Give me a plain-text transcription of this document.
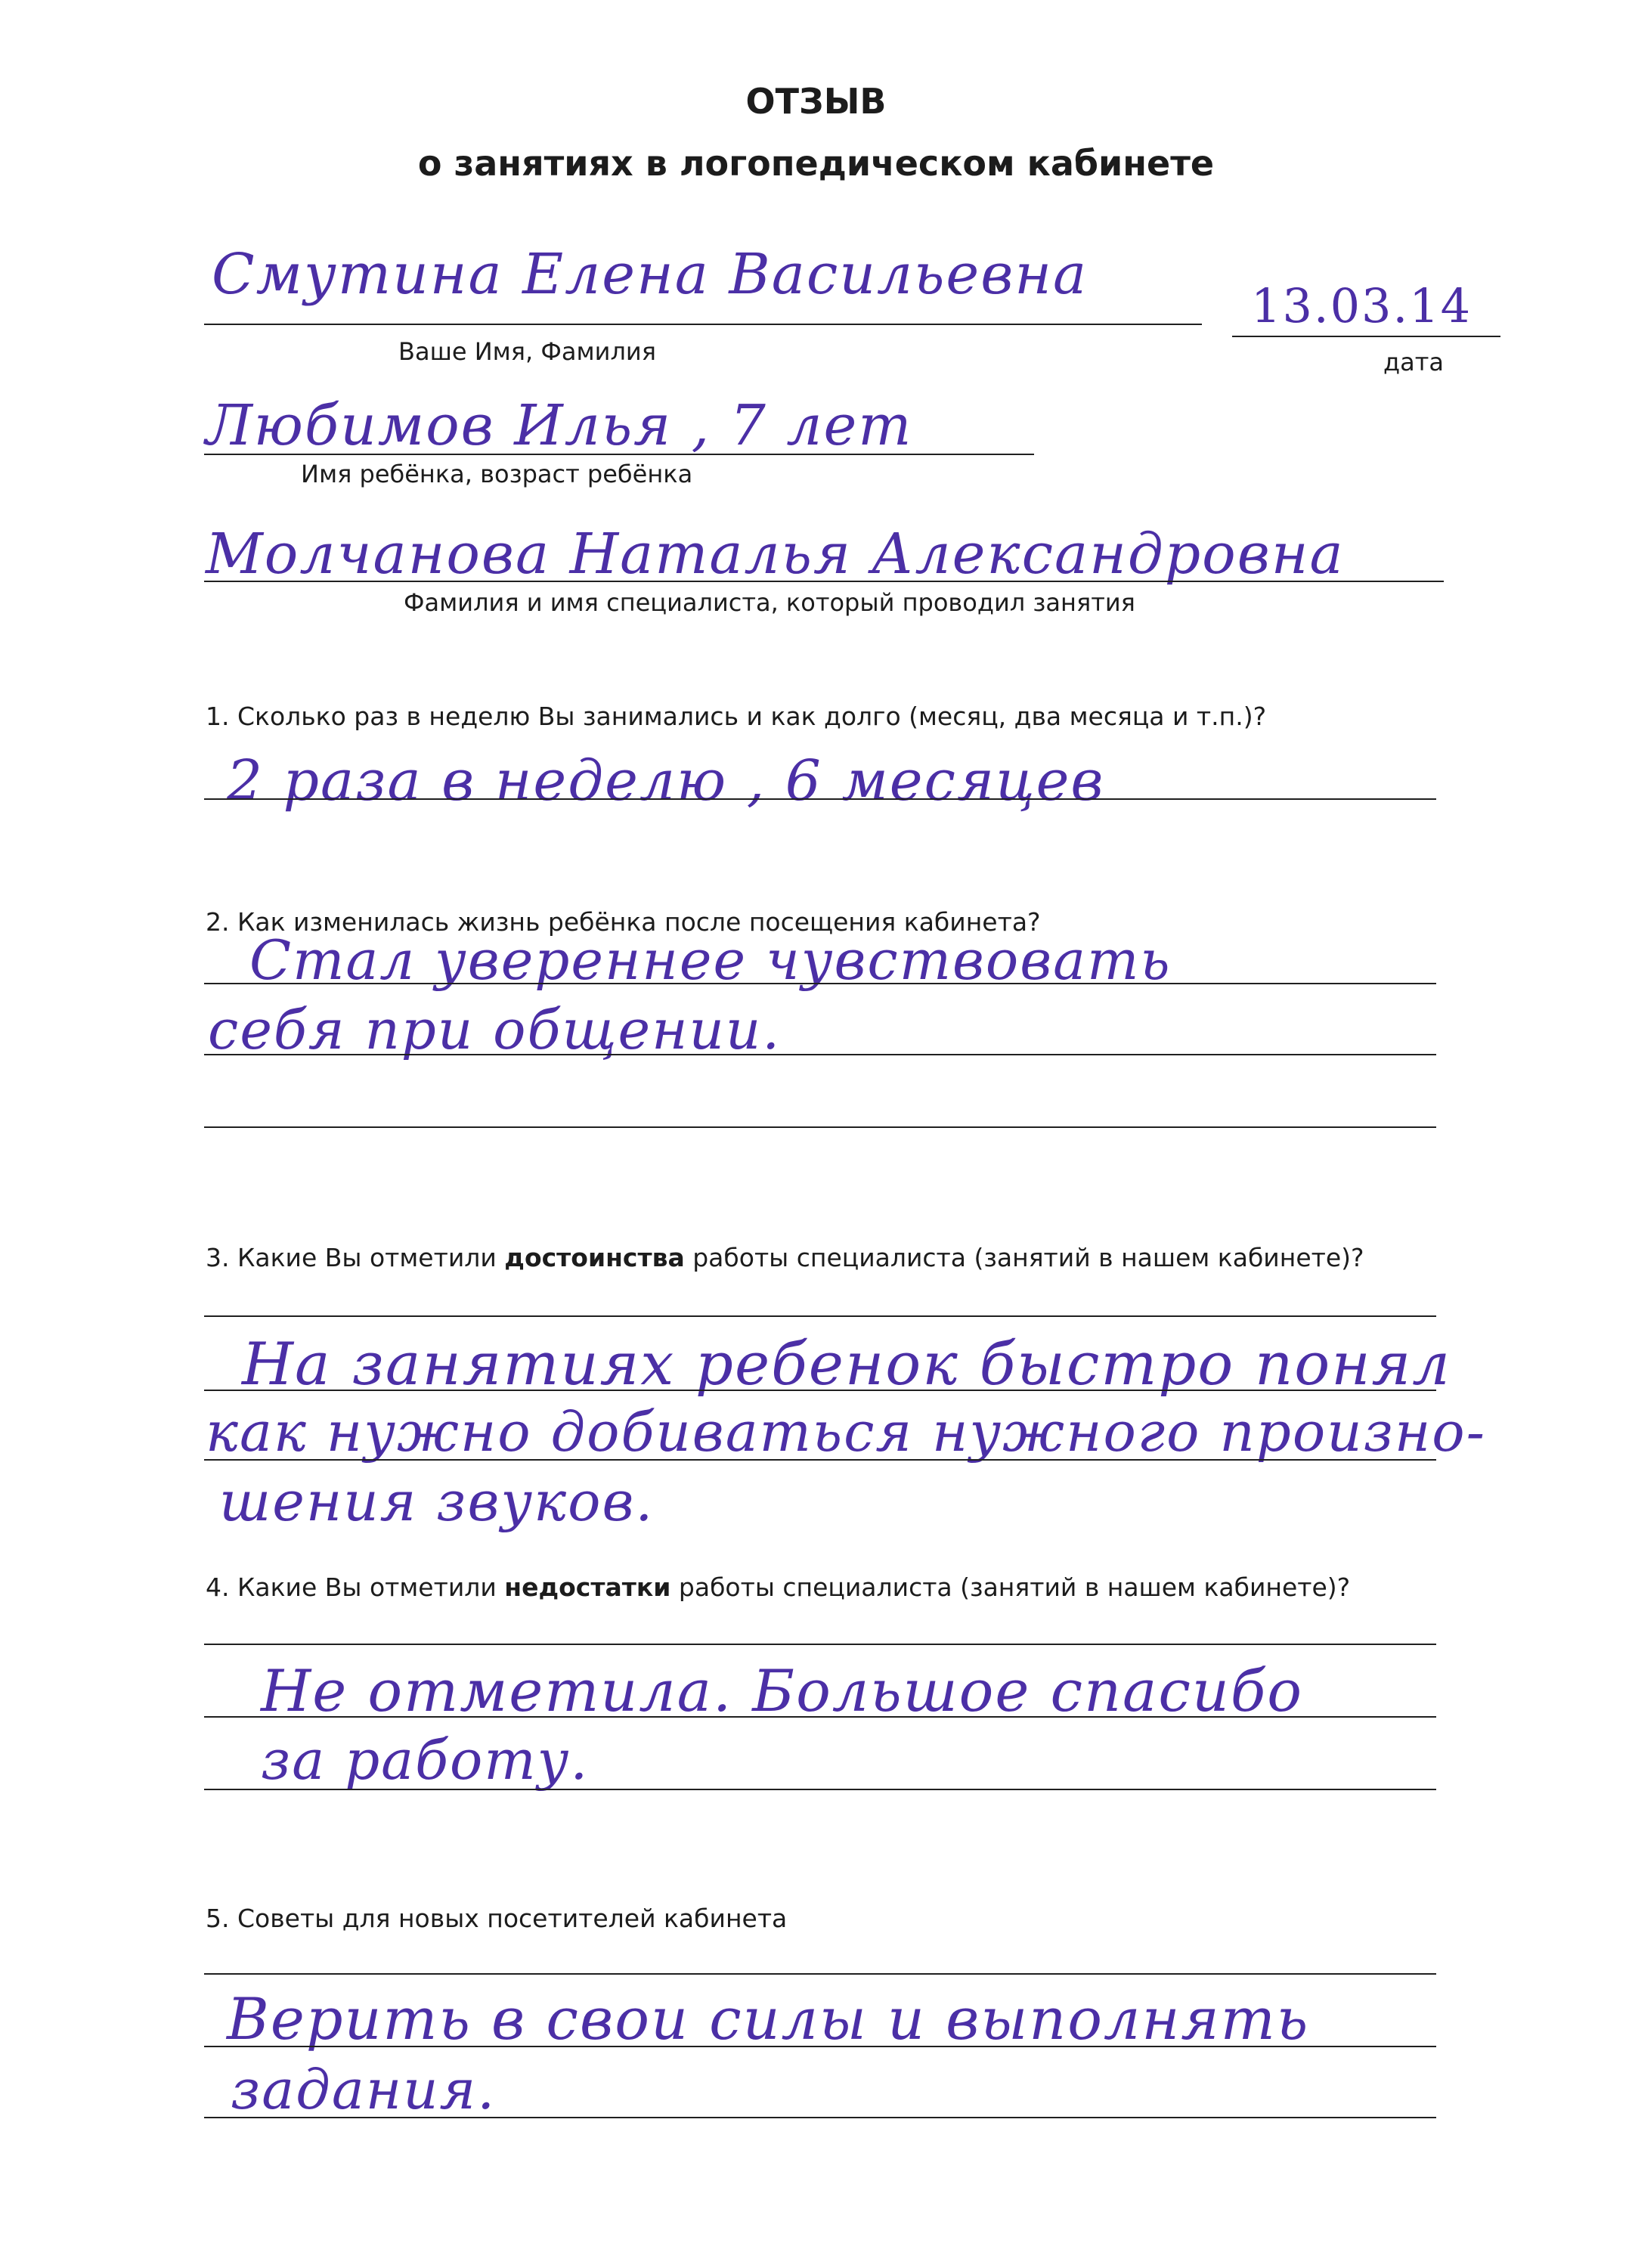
ОТЗЫВ
о занятиях в логопедическом кабинете
Смутина Елена Васильевна
Ваше Имя, Фамилия
13.03.14
дата
Любимов Илья , 7 лет
Имя ребёнка, возраст ребёнка
Молчанова Наталья Александровна
Фамилия и имя специалиста, который проводил занятия
1. Сколько раз в неделю Вы занимались и как долго (месяц, два месяца и т.п.)?
2 раза в неделю , 6 месяцев
2. Как изменилась жизнь ребёнка после посещения кабинета?
Стал увереннее чувствовать
себя при общении.
3. Какие Вы отметили достоинства работы специалиста (занятий в нашем кабинете)?
На занятиях ребенок быстро понял
как нужно добиваться нужного произно-
шения звуков.
4. Какие Вы отметили недостатки работы специалиста (занятий в нашем кабинете)?
Не отметила. Большое спасибо
за работу.
5. Советы для новых посетителей кабинета
Верить в свои силы и выполнять
задания.
